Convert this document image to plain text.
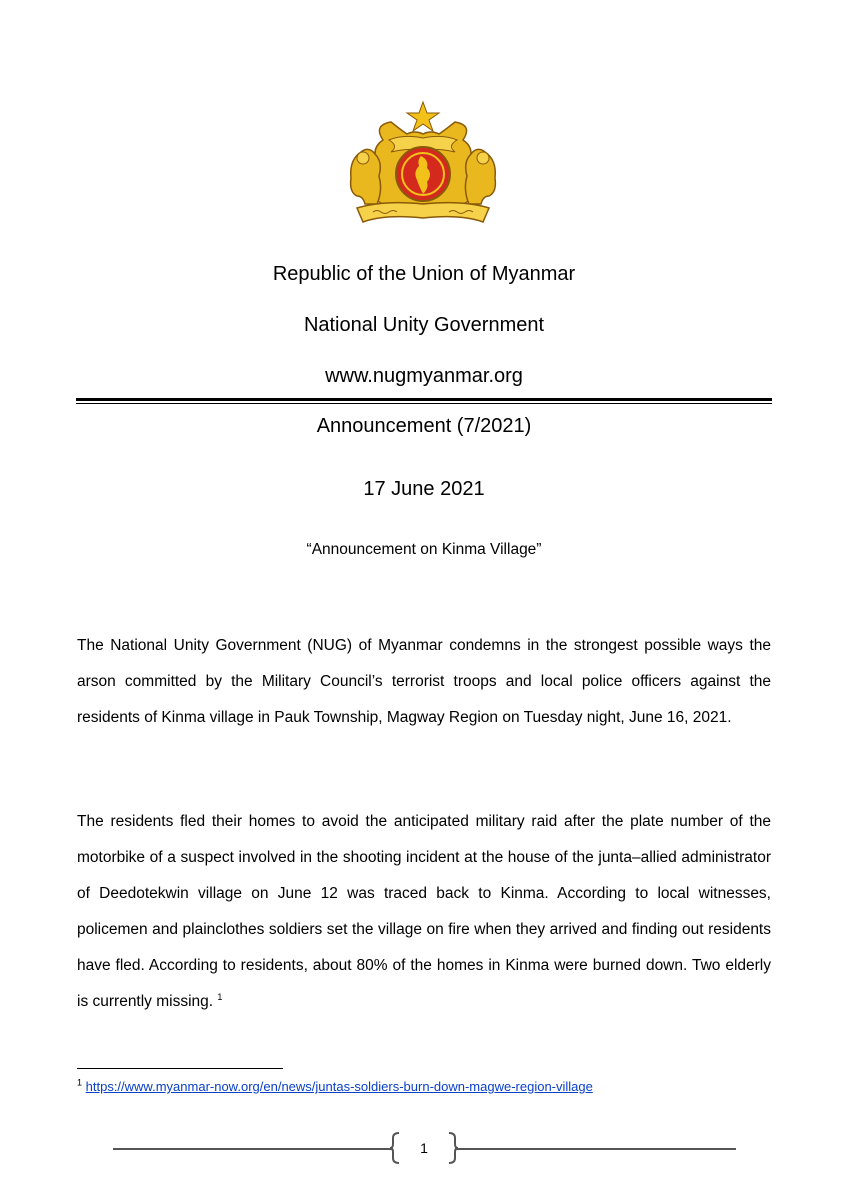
Republic of the Union of Myanmar
National Unity Government
www.nugmyanmar.org
Announcement (7/2021)
17 June 2021
“Announcement on Kinma Village”

The National Unity Government (NUG) of Myanmar condemns in the strongest possible ways the arson committed by the Military Council’s terrorist troops and local police officers against the residents of Kinma village in Pauk Township, Magway Region on Tuesday night, June 16, 2021.

The residents fled their homes to avoid the anticipated military raid after the plate number of the motorbike of a suspect involved in the shooting incident at the house of the junta–allied administrator of Deedotekwin village on June 12 was traced back to Kinma. According to local witnesses, policemen and plainclothes soldiers set the village on fire when they arrived and finding out residents have fled. According to residents, about 80% of the homes in Kinma were burned down. Two elderly is currently missing. $^1$

$^1$ https://www.myanmar-now.org/en/news/juntas-soldiers-burn-down-magwe-region-village
1
